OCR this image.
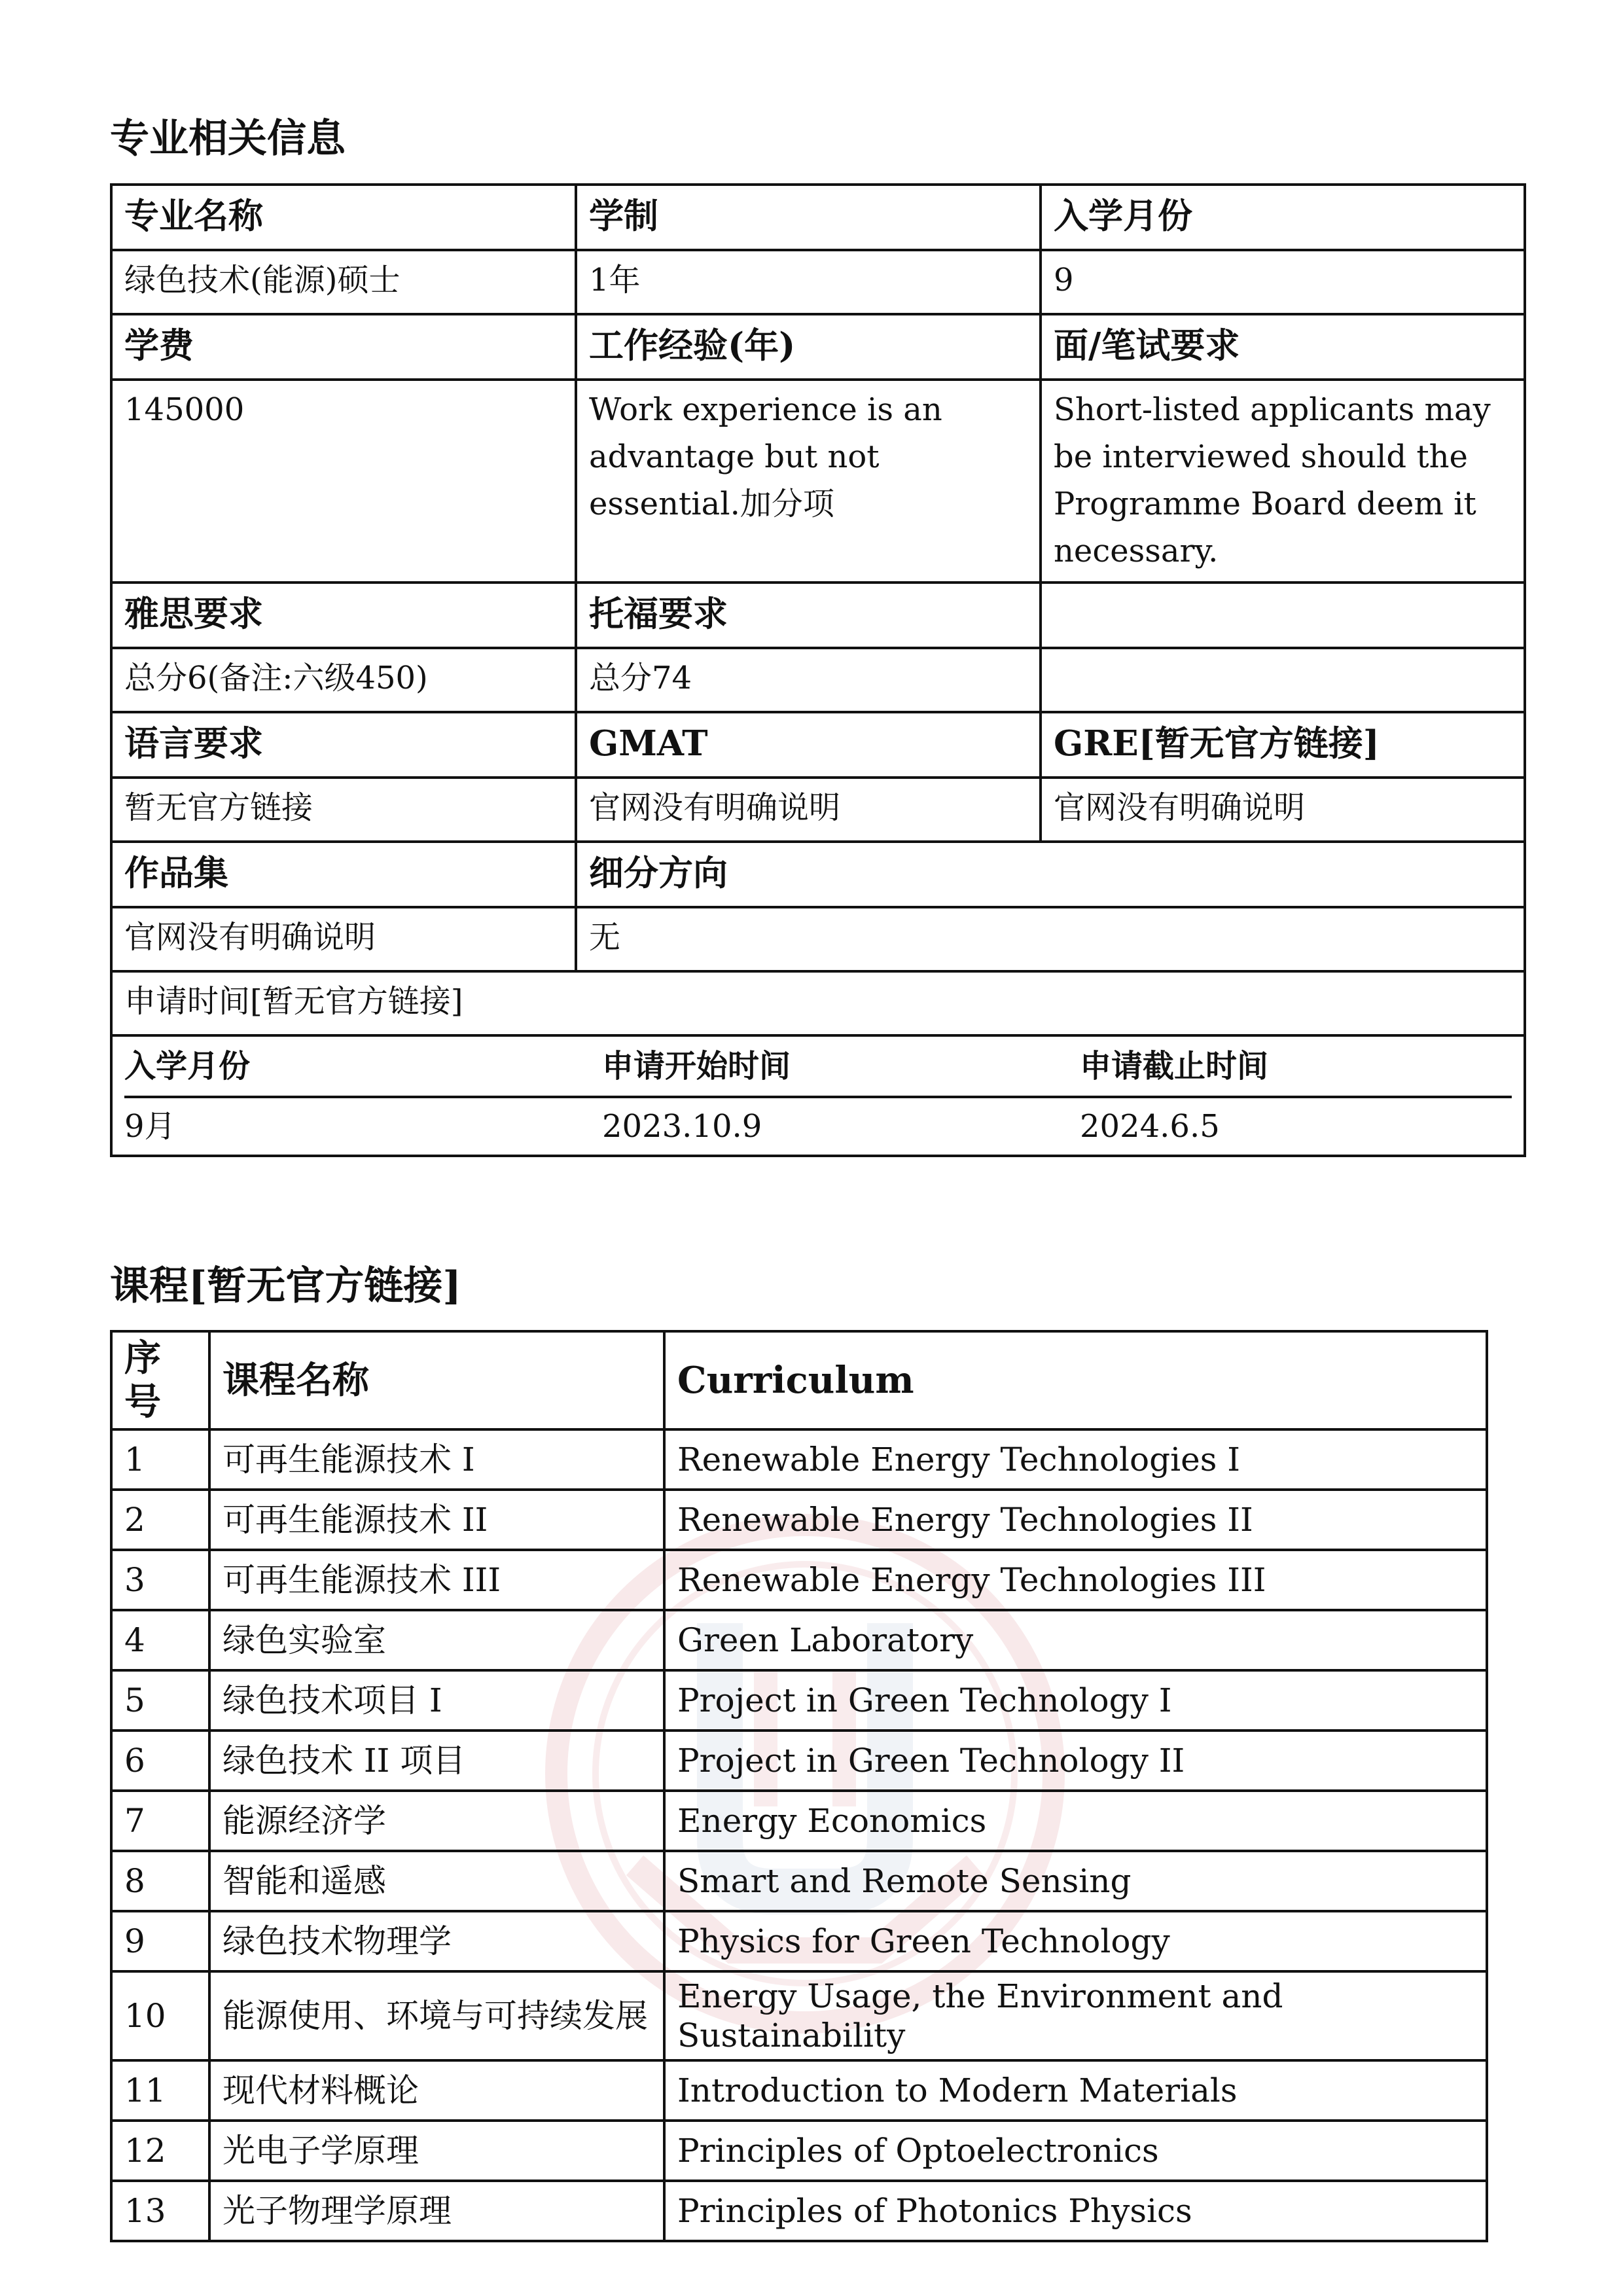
专业相关信息
专业名称	学制	入学月份
绿色技术(能源)硕士	1年	9
学费	工作经验(年)	面/笔试要求
145000	Work experience is an advantage but not essential.加分项	Short-listed applicants may be interviewed should the Programme Board deem it necessary.
雅思要求	托福要求	
总分6(备注:六级450)	总分74	
语言要求	GMAT	GRE[暂无官方链接]
暂无官方链接	官网没有明确说明	官网没有明确说明
作品集	细分方向
官网没有明确说明	无
申请时间[暂无官方链接]

入学月份	申请开始时间	申请截止时间
9月	2023.10.9	2024.6.5
课程[暂无官方链接]
序号	课程名称	Curriculum
1	可再生能源技术 I	Renewable Energy Technologies I
2	可再生能源技术 II	Renewable Energy Technologies II
3	可再生能源技术 III	Renewable Energy Technologies III
4	绿色实验室	Green Laboratory
5	绿色技术项目 I	Project in Green Technology I
6	绿色技术 II 项目	Project in Green Technology II
7	能源经济学	Energy Economics
8	智能和遥感	Smart and Remote Sensing
9	绿色技术物理学	Physics for Green Technology
10	能源使用、环境与可持续发展	Energy Usage, the Environment and Sustainability
11	现代材料概论	Introduction to Modern Materials
12	光电子学原理	Principles of Optoelectronics
13	光子物理学原理	Principles of Photonics Physics
